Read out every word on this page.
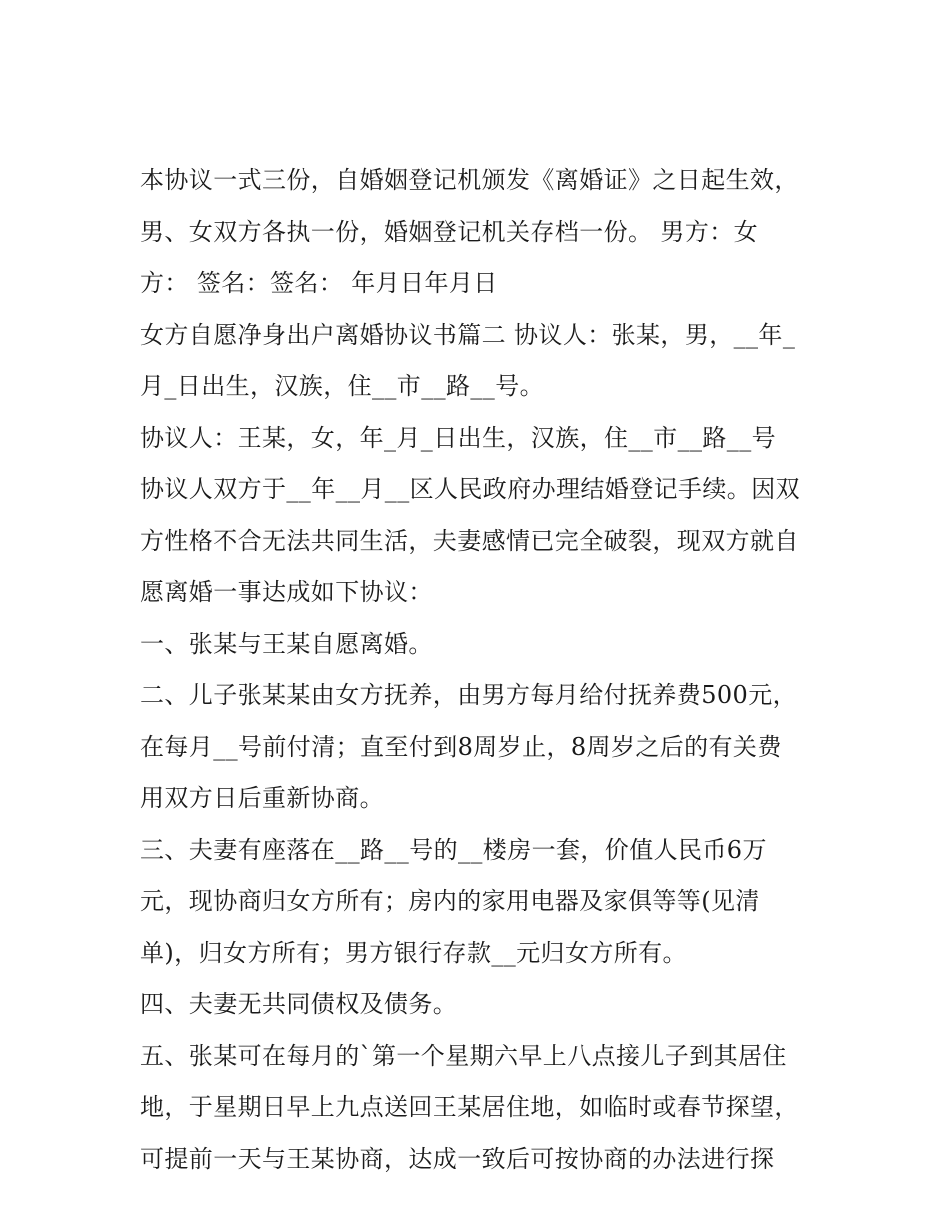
本协议一式三份，自婚姻登记机颁发《离婚证》之日起生效，
男、女双方各执一份，婚姻登记机关存档一份。 男方：女
方： 签名：签名： 年月日年月日
女方自愿净身出户离婚协议书篇二 协议人：张某，男，__年_
月_日出生，汉族，住__市__路__号。
协议人：王某，女，年_月_日出生，汉族，住__市__路__号
协议人双方于__年__月__区人民政府办理结婚登记手续。因双
方性格不合无法共同生活，夫妻感情已完全破裂，现双方就自
愿离婚一事达成如下协议：
一、张某与王某自愿离婚。
二、儿子张某某由女方抚养，由男方每月给付抚养费500元，
在每月__号前付清；直至付到8周岁止，8周岁之后的有关费
用双方日后重新协商。
三、夫妻有座落在__路__号的__楼房一套，价值人民币6万
元，现协商归女方所有；房内的家用电器及家俱等等(见清
单)，归女方所有；男方银行存款__元归女方所有。
四、夫妻无共同债权及债务。
五、张某可在每月的`第一个星期六早上八点接儿子到其居住
地，于星期日早上九点送回王某居住地，如临时或春节探望，
可提前一天与王某协商，达成一致后可按协商的办法进行探
